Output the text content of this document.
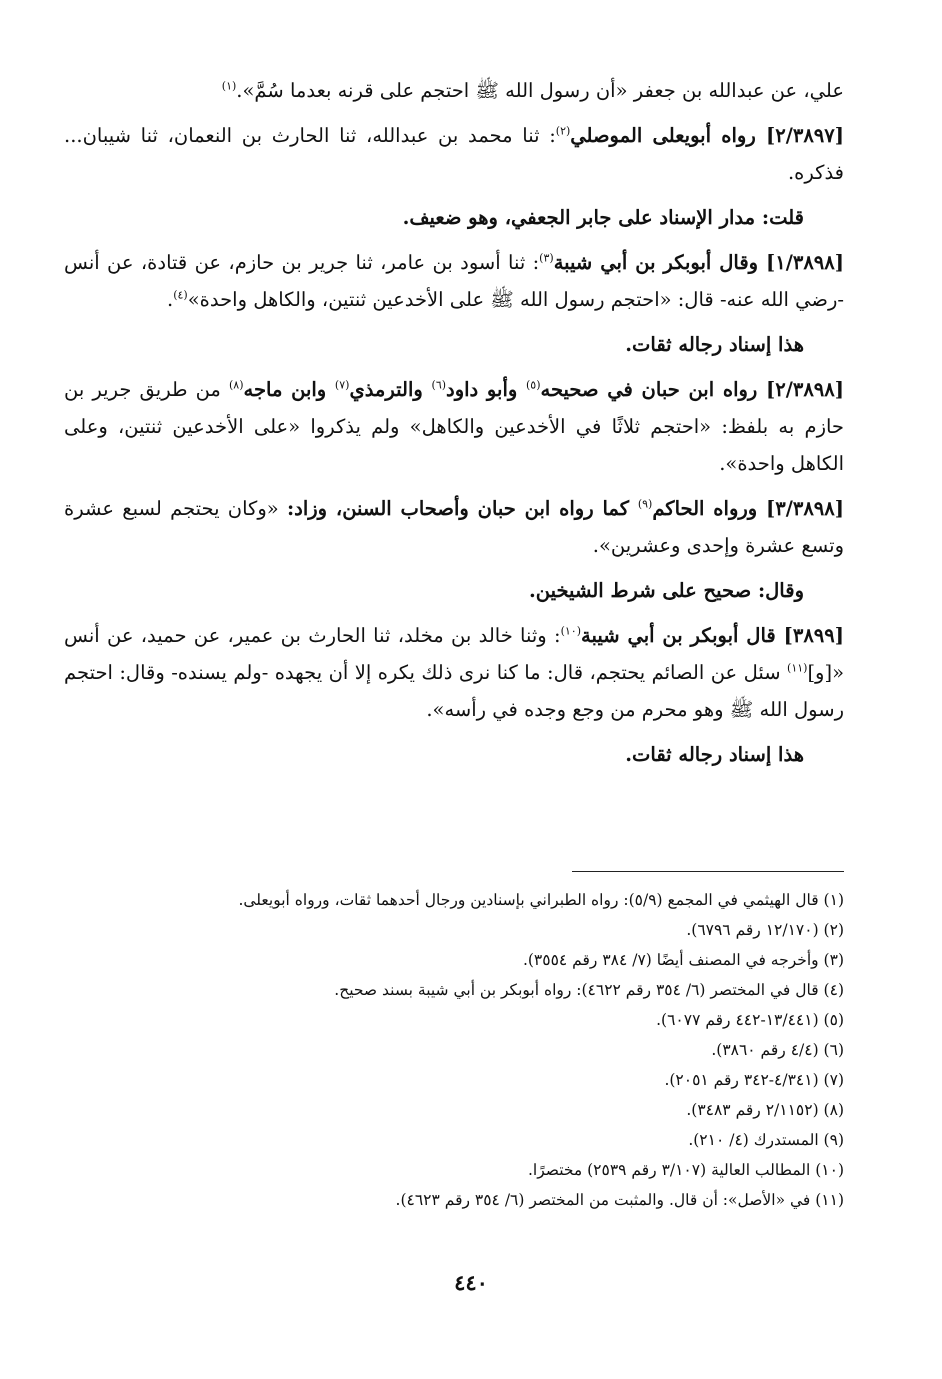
علي، عن عبدالله بن جعفر «أن رسول الله ﷺ احتجم على قرنه بعدما سُمَّ».$^{(١)}$

[٢/٣٨٩٧] رواه أبويعلى الموصلي$^{(٢)}$: ثنا محمد بن عبدالله، ثنا الحارث بن النعمان، ثنا شيبان... فذكره.

قلت: مدار الإسناد على جابر الجعفي، وهو ضعيف.

[١/٣٨٩٨] وقال أبوبكر بن أبي شيبة$^{(٣)}$: ثنا أسود بن عامر، ثنا جرير بن حازم، عن قتادة، عن أنس -رضي الله عنه- قال: «احتجم رسول الله ﷺ على الأخدعين ثنتين، والكاهل واحدة»$^{(٤)}$.

هذا إسناد رجاله ثقات.

[٢/٣٨٩٨] رواه ابن حبان في صحيحه$^{(٥)}$ وأبو داود$^{(٦)}$ والترمذي$^{(٧)}$ وابن ماجه$^{(٨)}$ من طريق جرير بن حازم به بلفظ: «احتجم ثلاثًا في الأخدعين والكاهل» ولم يذكروا «على الأخدعين ثنتين، وعلى الكاهل واحدة».

[٣/٣٨٩٨] ورواه الحاكم$^{(٩)}$ كما رواه ابن حبان وأصحاب السنن، وزاد: «وكان يحتجم لسبع عشرة وتسع عشرة وإحدى وعشرين».

وقال: صحيح على شرط الشيخين.

[٣٨٩٩] قال أبوبكر بن أبي شيبة$^{(١٠)}$: وثنا خالد بن مخلد، ثنا الحارث بن عمير، عن حميد، عن أنس «[و]$^{(١١)}$ سئل عن الصائم يحتجم، قال: ما كنا نرى ذلك يكره إلا أن يجهده -ولم يسنده- وقال: احتجم رسول الله ﷺ وهو محرم من وجع وجده في رأسه».

هذا إسناد رجاله ثقات.

(١) قال الهيثمي في المجمع (٥/٩): رواه الطبراني بإسنادين ورجال أحدهما ثقات، ورواه أبويعلى.
(٢) (١٢/١٧٠ رقم ٦٧٩٦).
(٣) وأخرجه في المصنف أيضًا (٧/ ٣٨٤ رقم ٣٥٥٤).
(٤) قال في المختصر (٦/ ٣٥٤ رقم ٤٦٢٢): رواه أبوبكر بن أبي شيبة بسند صحيح.
(٥) (١٣/٤٤١-٤٤٢ رقم ٦٠٧٧).
(٦) (٤/٤ رقم ٣٨٦٠).
(٧) (٤/٣٤١-٣٤٢ رقم ٢٠٥١).
(٨) (٢/١١٥٢ رقم ٣٤٨٣).
(٩) المستدرك (٤/ ٢١٠).
(١٠) المطالب العالية (٣/١٠٧ رقم ٢٥٣٩) مختصرًا.
(١١) في «الأصل»: أن قال. والمثبت من المختصر (٦/ ٣٥٤ رقم ٤٦٢٣).
٤٤٠
